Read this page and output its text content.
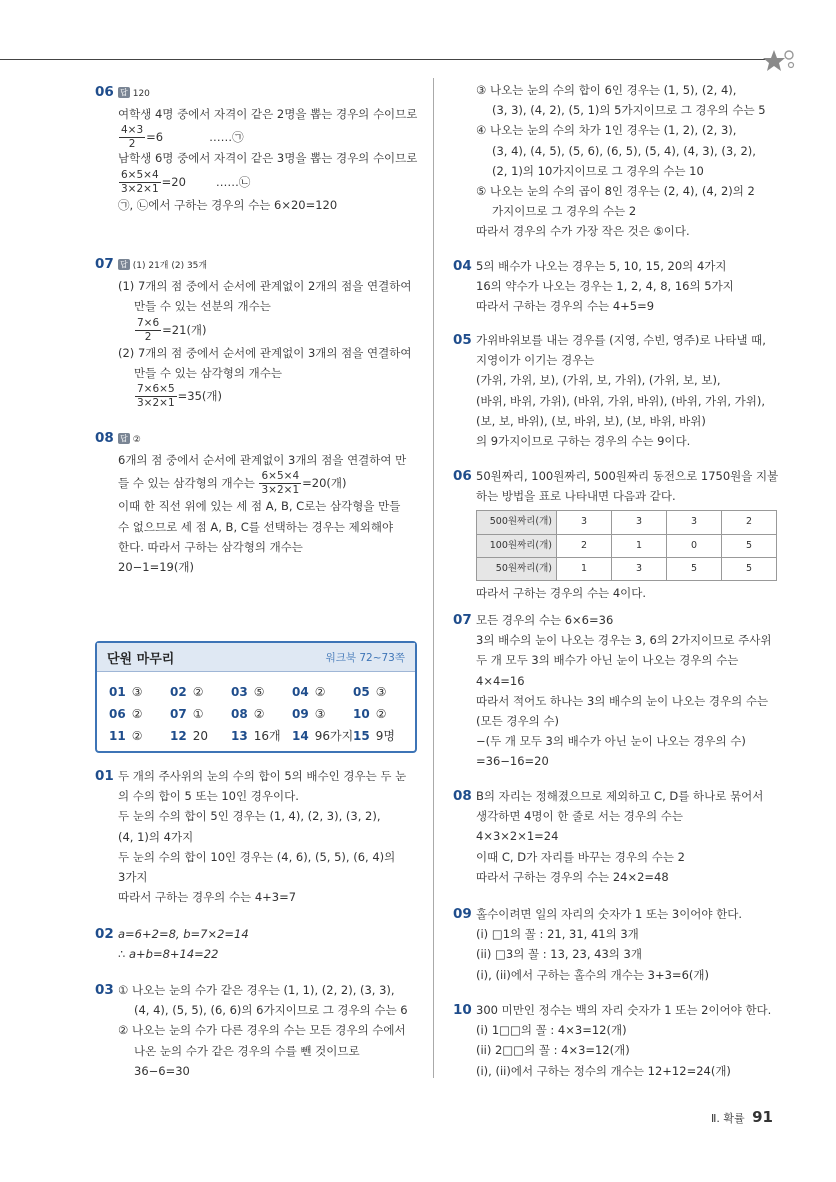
06 답 120
여학생 4명 중에서 자격이 같은 2명을 뽑는 경우의 수이므로
$\frac{4\times 3}{2} =6$	……㉠
남학생 6명 중에서 자격이 같은 3명을 뽑는 경우의 수이므로
$\frac{6\times 5\times 4}{3\times 2\times 1} =20$	……㉡
㉠, ㉡에서 구하는 경우의 수는 6×20=120
07 답 (1) 21개 (2) 35개
(1) 7개의 점 중에서 순서에 관계없이 2개의 점을 연결하여
만들 수 있는 선분의 개수는
$\frac{7\times 6}{2} =21$(개)
(2) 7개의 점 중에서 순서에 관계없이 3개의 점을 연결하여
만들 수 있는 삼각형의 개수는
$\frac{7\times 6\times 5}{3\times 2\times 1} =35$(개)
08 답 ②
6개의 점 중에서 순서에 관계없이 3개의 점을 연결하여 만
들 수 있는 삼각형의 개수는 $\frac{6\times 5\times 4}{3\times 2\times 1} =20$(개)
이때 한 직선 위에 있는 세 점 A, B, C로는 삼각형을 만들
수 없으므로 세 점 A, B, C를 선택하는 경우는 제외해야
한다. 따라서 구하는 삼각형의 개수는
20−1=19(개)
단원 마무리	워크북 72~73쪽
01 ③ 02 ② 03 ⑤ 04 ② 05 ③
06 ② 07 ① 08 ② 09 ③ 10 ②
11 ② 12 20 13 16개 14 96가지 15 9명
01 두 개의 주사위의 눈의 수의 합이 5의 배수인 경우는 두 눈
의 수의 합이 5 또는 10인 경우이다.
두 눈의 수의 합이 5인 경우는 (1, 4), (2, 3), (3, 2),
(4, 1)의 4가지
두 눈의 수의 합이 10인 경우는 (4, 6), (5, 5), (6, 4)의
3가지
따라서 구하는 경우의 수는 4+3=7
02 a=6+2=8, b=7×2=14
∴ a+b=8+14=22
03 ① 나오는 눈의 수가 같은 경우는 (1, 1), (2, 2), (3, 3),
(4, 4), (5, 5), (6, 6)의 6가지이므로 그 경우의 수는 6
② 나오는 눈의 수가 다른 경우의 수는 모든 경우의 수에서
나온 눈의 수가 같은 경우의 수를 뺀 것이므로
36−6=30
③ 나오는 눈의 수의 합이 6인 경우는 (1, 5), (2, 4),
(3, 3), (4, 2), (5, 1)의 5가지이므로 그 경우의 수는 5
④ 나오는 눈의 수의 차가 1인 경우는 (1, 2), (2, 3),
(3, 4), (4, 5), (5, 6), (6, 5), (5, 4), (4, 3), (3, 2),
(2, 1)의 10가지이므로 그 경우의 수는 10
⑤ 나오는 눈의 수의 곱이 8인 경우는 (2, 4), (4, 2)의 2
가지이므로 그 경우의 수는 2
따라서 경우의 수가 가장 작은 것은 ⑤이다.
04 5의 배수가 나오는 경우는 5, 10, 15, 20의 4가지
16의 약수가 나오는 경우는 1, 2, 4, 8, 16의 5가지
따라서 구하는 경우의 수는 4+5=9
05 가위바위보를 내는 경우를 (지영, 수빈, 영주)로 나타낼 때,
지영이가 이기는 경우는
(가위, 가위, 보), (가위, 보, 가위), (가위, 보, 보),
(바위, 바위, 가위), (바위, 가위, 바위), (바위, 가위, 가위),
(보, 보, 바위), (보, 바위, 보), (보, 바위, 바위)
의 9가지이므로 구하는 경우의 수는 9이다.
06 50원짜리, 100원짜리, 500원짜리 동전으로 1750원을 지불
하는 방법을 표로 나타내면 다음과 같다.
500원짜리(개)	3	3	3	2
100원짜리(개)	2	1	0	5
50원짜리(개)	1	3	5	5
따라서 구하는 경우의 수는 4이다.
07 모든 경우의 수는 6×6=36
3의 배수의 눈이 나오는 경우는 3, 6의 2가지이므로 주사위
두 개 모두 3의 배수가 아닌 눈이 나오는 경우의 수는
4×4=16
따라서 적어도 하나는 3의 배수의 눈이 나오는 경우의 수는
(모든 경우의 수)
−(두 개 모두 3의 배수가 아닌 눈이 나오는 경우의 수)
=36−16=20
08 B의 자리는 정해졌으므로 제외하고 C, D를 하나로 묶어서
생각하면 4명이 한 줄로 서는 경우의 수는
4×3×2×1=24
이때 C, D가 자리를 바꾸는 경우의 수는 2
따라서 구하는 경우의 수는 24×2=48
09 홀수이려면 일의 자리의 숫자가 1 또는 3이어야 한다.
(i) □1의 꼴 : 21, 31, 41의 3개
(ii) □3의 꼴 : 13, 23, 43의 3개
(i), (ii)에서 구하는 홀수의 개수는 3+3=6(개)
10 300 미만인 정수는 백의 자리 숫자가 1 또는 2이어야 한다.
(i) 1□□의 꼴 : 4×3=12(개)
(ii) 2□□의 꼴 : 4×3=12(개)
(i), (ii)에서 구하는 정수의 개수는 12+12=24(개)
Ⅱ. 확률 91
